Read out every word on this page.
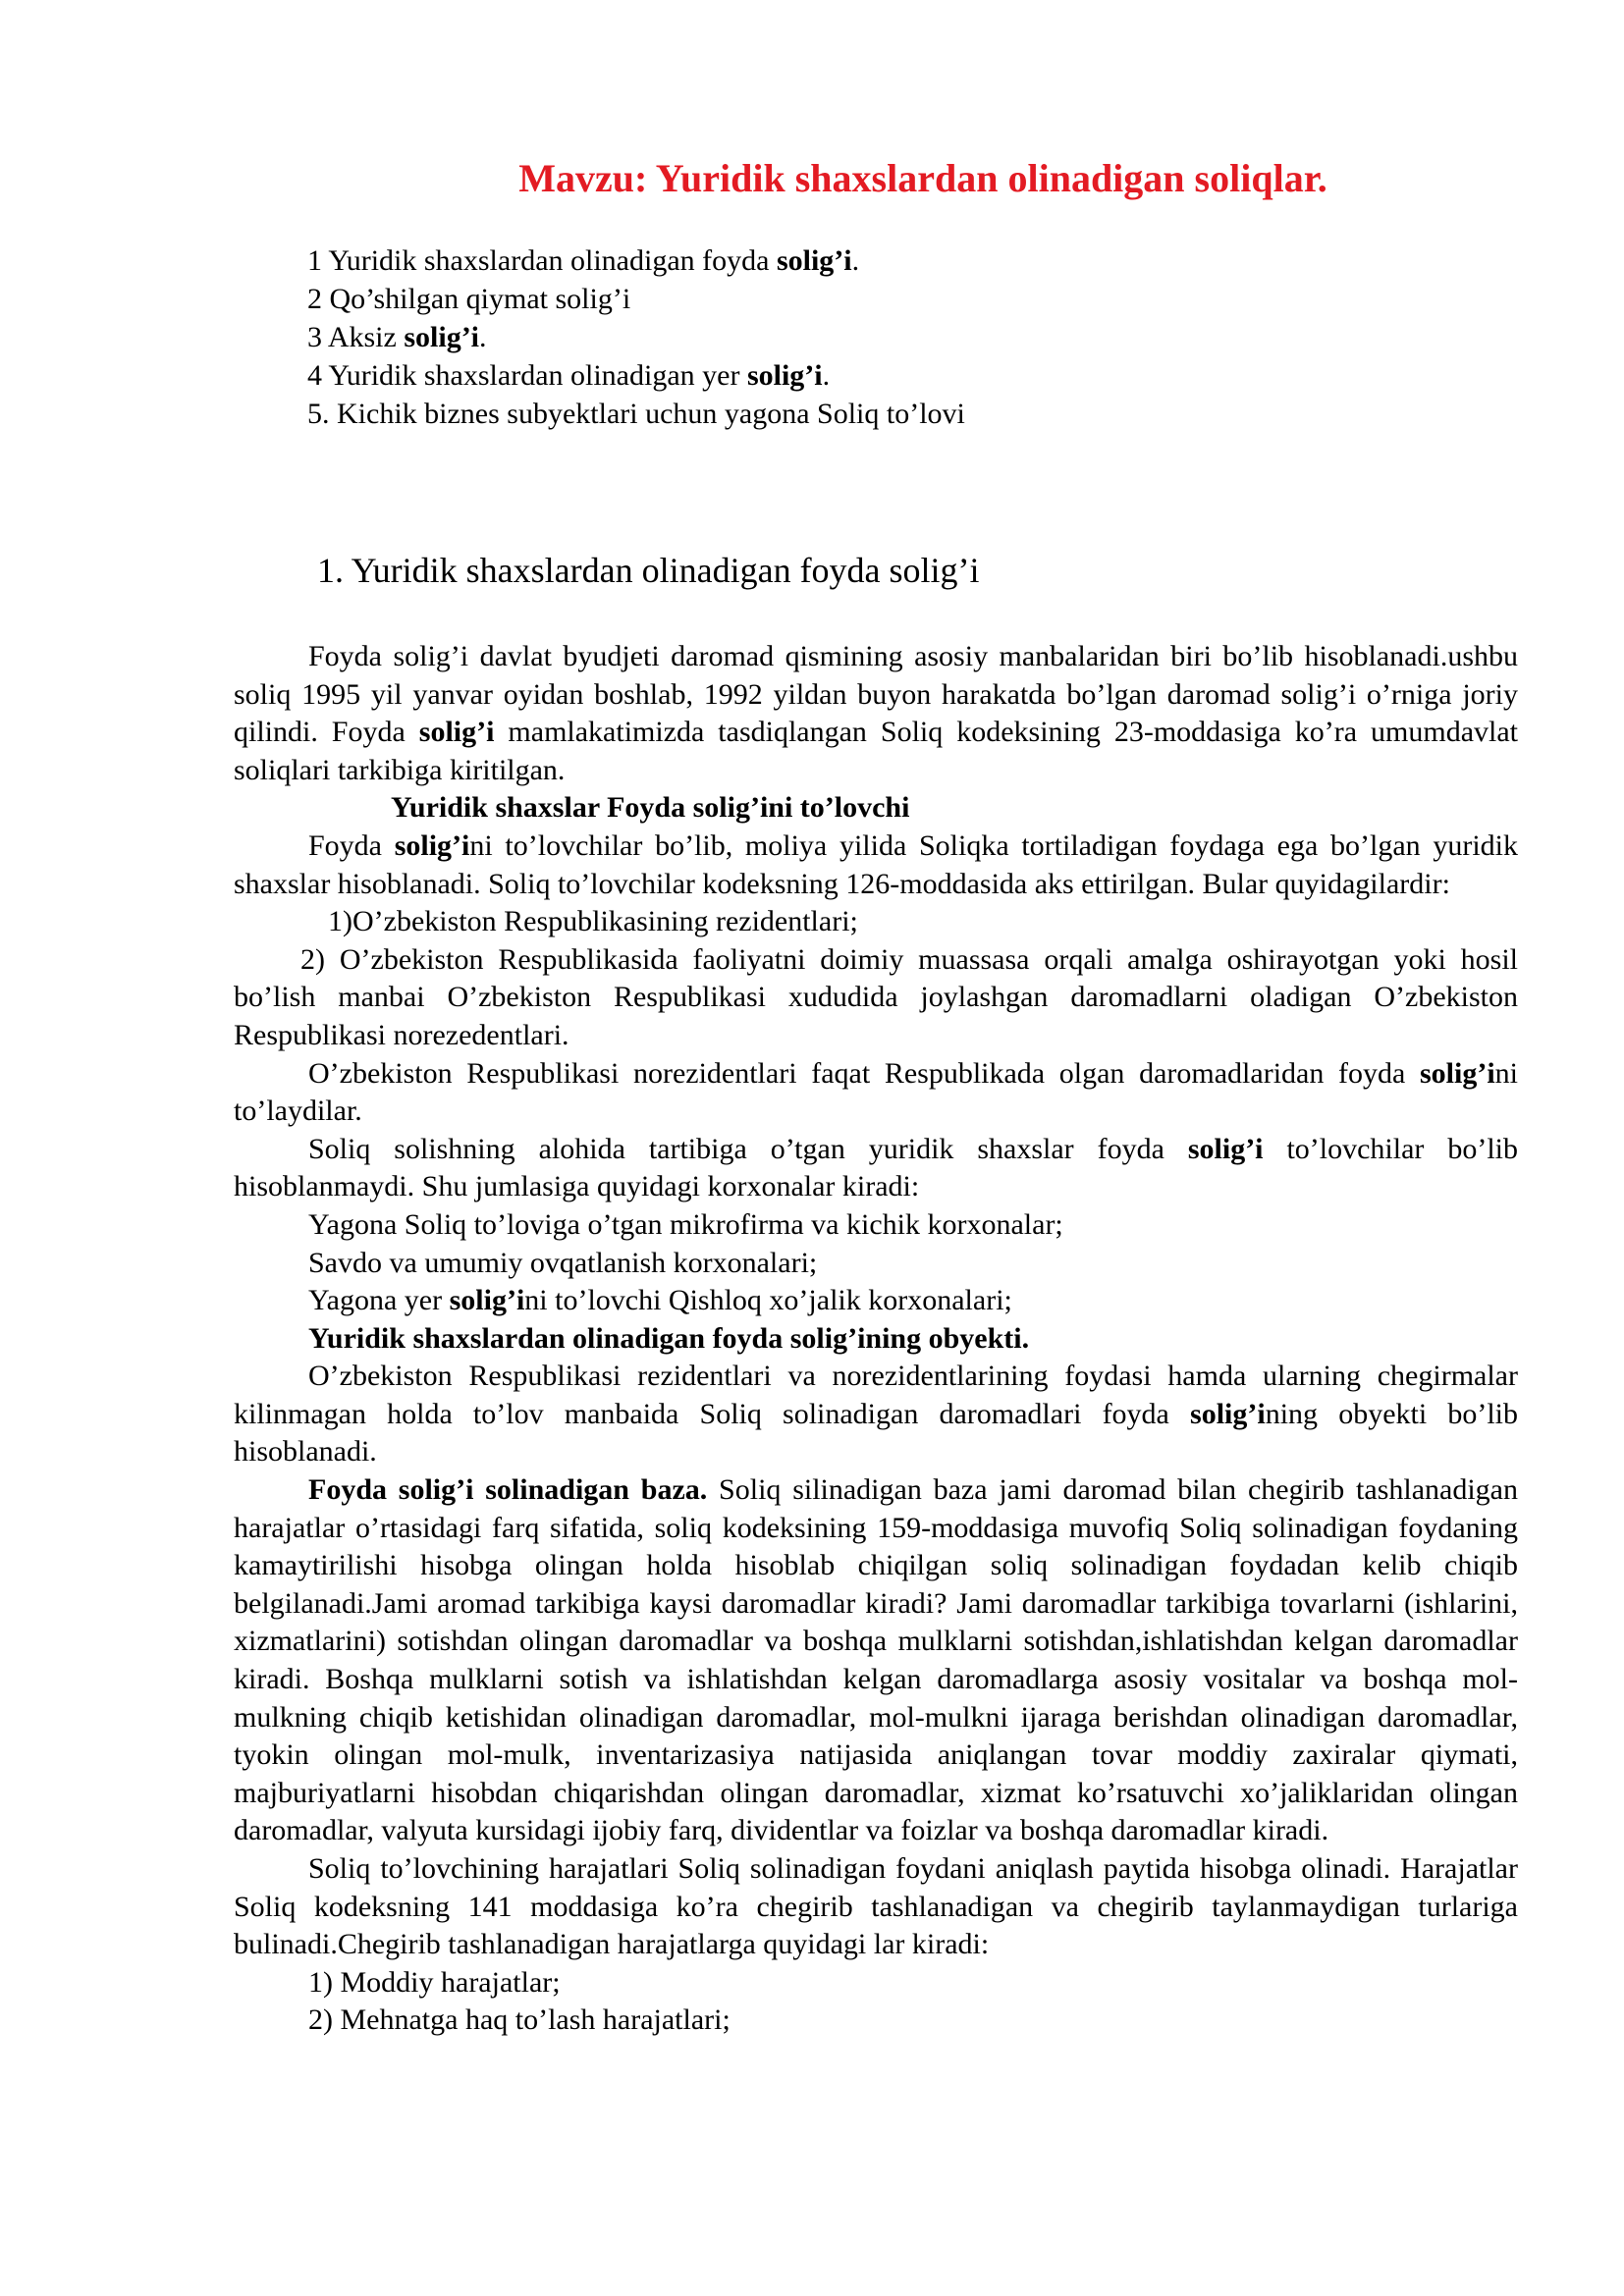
Mavzu: Yuridik shaxslardan olinadigan soliqlar.
1 Yuridik shaxslardan olinadigan foyda solig’i.
2 Qo’shilgan qiymat solig’i
3 Aksiz solig’i.
4 Yuridik shaxslardan olinadigan yer solig’i.
5. Kichik biznes subyektlari uchun yagona Soliq to’lovi
1. Yuridik shaxslardan olinadigan foyda solig’i

Foyda solig’i davlat byudjeti daromad qismining asosiy manbalaridan biri bo’lib hisoblanadi.ushbu soliq 1995 yil yanvar oyidan boshlab, 1992 yildan buyon harakatda bo’lgan daromad solig’i o’rniga joriy qilindi. Foyda solig’i mamlakatimizda tasdiqlangan Soliq kodeksining 23-moddasiga ko’ra umumdavlat soliqlari tarkibiga kiritilgan.

Yuridik shaxslar Foyda solig’ini to’lovchi

Foyda solig’ini to’lovchilar bo’lib, moliya yilida Soliqka tortiladigan foydaga ega bo’lgan yuridik shaxslar hisoblanadi. Soliq to’lovchilar kodeksning 126-moddasida aks ettirilgan. Bular quyidagilardir:

1)O’zbekiston Respublikasining rezidentlari;

2) O’zbekiston Respublikasida faoliyatni doimiy muassasa orqali amalga oshirayotgan yoki hosil bo’lish manbai O’zbekiston Respublikasi xududida joylashgan daromadlarni oladigan O’zbekiston Respublikasi norezedentlari.

O’zbekiston Respublikasi norezidentlari faqat Respublikada olgan daromadlaridan foyda solig’ini to’laydilar.

Soliq solishning alohida tartibiga o’tgan yuridik shaxslar foyda solig’i to’lovchilar bo’lib hisoblanmaydi. Shu jumlasiga quyidagi korxonalar kiradi:

Yagona Soliq to’loviga o’tgan mikrofirma va kichik korxonalar;

Savdo va umumiy ovqatlanish korxonalari;

Yagona yer solig’ini to’lovchi Qishloq xo’jalik korxonalari;

Yuridik shaxslardan olinadigan foyda solig’ining obyekti.

O’zbekiston Respublikasi rezidentlari va norezidentlarining foydasi hamda ularning chegirmalar kilinmagan holda to’lov manbaida Soliq solinadigan daromadlari foyda solig’ining obyekti bo’lib hisoblanadi.

Foyda solig’i solinadigan baza. Soliq silinadigan baza jami daromad bilan chegirib tashlanadigan harajatlar o’rtasidagi farq sifatida, soliq kodeksining 159-moddasiga muvofiq Soliq solinadigan foydaning kamaytirilishi hisobga olingan holda hisoblab chiqilgan soliq solinadigan foydadan kelib chiqib belgilanadi.Jami aromad tarkibiga kaysi daromadlar kiradi? Jami daromadlar tarkibiga tovarlarni (ishlarini, xizmatlarini) sotishdan olingan daromadlar va boshqa mulklarni sotishdan,ishlatishdan kelgan daromadlar kiradi. Boshqa mulklarni sotish va ishlatishdan kelgan daromadlarga asosiy vositalar va boshqa mol-mulkning chiqib ketishidan olinadigan daromadlar, mol-mulkni ijaraga berishdan olinadigan daromadlar, tyokin olingan mol-mulk, inventarizasiya natijasida aniqlangan tovar moddiy zaxiralar qiymati, majburiyatlarni hisobdan chiqarishdan olingan daromadlar, xizmat ko’rsatuvchi xo’jaliklaridan olingan daromadlar, valyuta kursidagi ijobiy farq, dividentlar va foizlar va boshqa daromadlar kiradi.

Soliq to’lovchining harajatlari Soliq solinadigan foydani aniqlash paytida hisobga olinadi. Harajatlar Soliq kodeksning 141 moddasiga ko’ra chegirib tashlanadigan va chegirib taylanmaydigan turlariga bulinadi.Chegirib tashlanadigan harajatlarga quyidagi lar kiradi:

1) Moddiy harajatlar;

2) Mehnatga haq to’lash harajatlari;
